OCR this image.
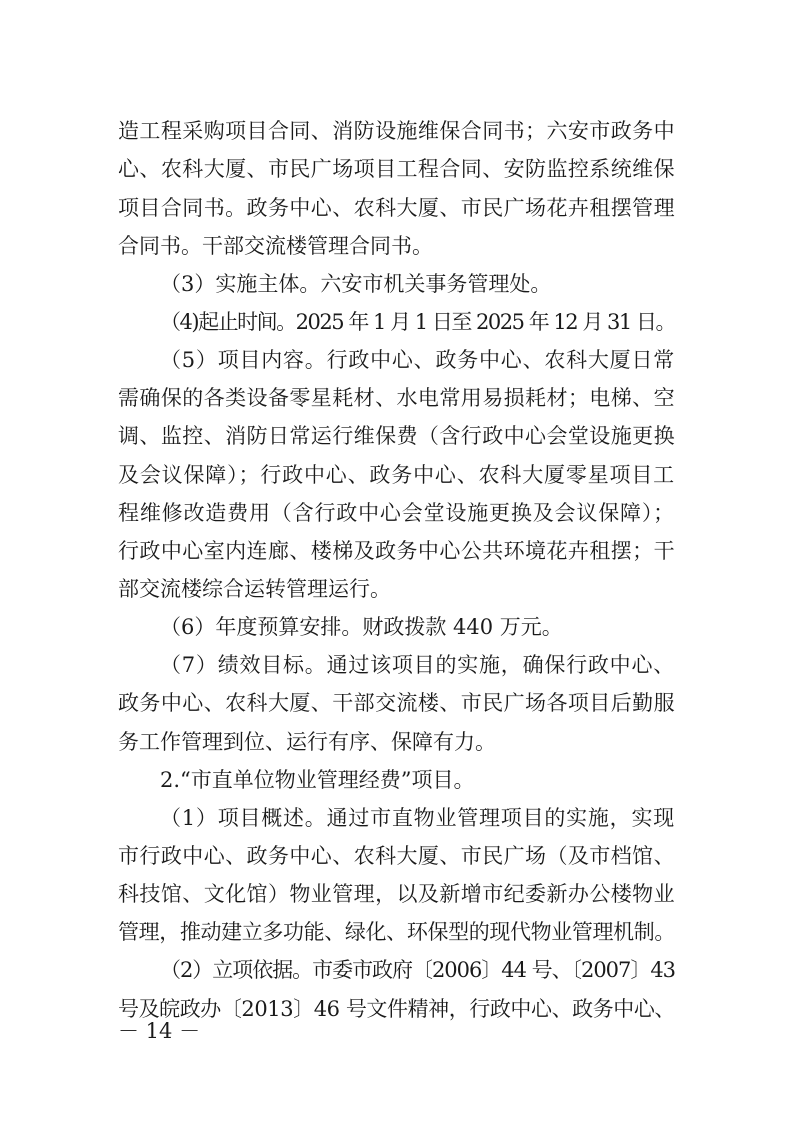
造工程采购项目合同、消防设施维保合同书；六安市政务中

心、农科大厦、市民广场项目工程合同、安防监控系统维保

项目合同书。政务中心、农科大厦、市民广场花卉租摆管理

合同书。干部交流楼管理合同书。

（3）实施主体。六安市机关事务管理处。

（4)起止时间。2025 年 1 月 1 日至 2025 年 12 月 31 日。

（5）项目内容。行政中心、政务中心、农科大厦日常

需确保的各类设备零星耗材、水电常用易损耗材；电梯、空

调、监控、消防日常运行维保费（含行政中心会堂设施更换

及会议保障）；行政中心、政务中心、农科大厦零星项目工

程维修改造费用（含行政中心会堂设施更换及会议保障）；

行政中心室内连廊、楼梯及政务中心公共环境花卉租摆；干

部交流楼综合运转管理运行。

（6）年度预算安排。财政拨款 440 万元。

（7）绩效目标。通过该项目的实施，确保行政中心、

政务中心、农科大厦、干部交流楼、市民广场各项目后勤服

务工作管理到位、运行有序、保障有力。

2.“市直单位物业管理经费”项目。

（1）项目概述。通过市直物业管理项目的实施，实现

市行政中心、政务中心、农科大厦、市民广场（及市档馆、

科技馆、文化馆）物业管理，以及新增市纪委新办公楼物业

管理，推动建立多功能、绿化、环保型的现代物业管理机制。

（2）立项依据。市委市政府〔2006〕44 号、〔2007〕43

号及皖政办〔2013〕46 号文件精神，行政中心、政务中心、

－ 14 －
